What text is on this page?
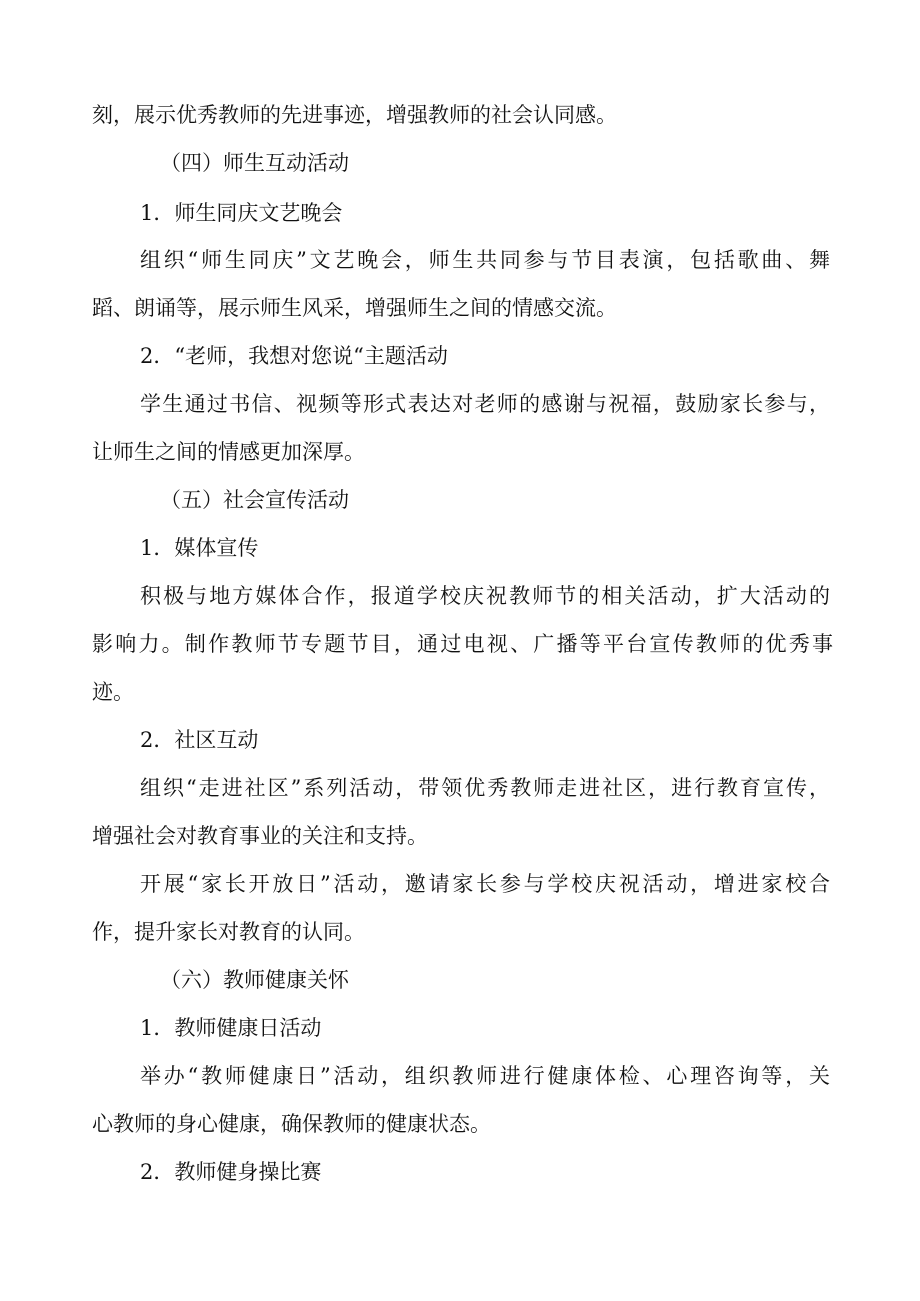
刻，展示优秀教师的先进事迹，增强教师的社会认同感。
（四）师生互动活动
1．师生同庆文艺晚会
组织“师生同庆”文艺晚会，师生共同参与节目表演，包括歌曲、舞
蹈、朗诵等，展示师生风采，增强师生之间的情感交流。
2．“老师，我想对您说“主题活动
学生通过书信、视频等形式表达对老师的感谢与祝福，鼓励家长参与，
让师生之间的情感更加深厚。
（五）社会宣传活动
1．媒体宣传
积极与地方媒体合作，报道学校庆祝教师节的相关活动，扩大活动的
影响力。制作教师节专题节目，通过电视、广播等平台宣传教师的优秀事
迹。
2．社区互动
组织“走进社区”系列活动，带领优秀教师走进社区，进行教育宣传，
增强社会对教育事业的关注和支持。
开展“家长开放日”活动，邀请家长参与学校庆祝活动，增进家校合
作，提升家长对教育的认同。
（六）教师健康关怀
1．教师健康日活动
举办“教师健康日”活动，组织教师进行健康体检、心理咨询等，关
心教师的身心健康，确保教师的健康状态。
2．教师健身操比赛
